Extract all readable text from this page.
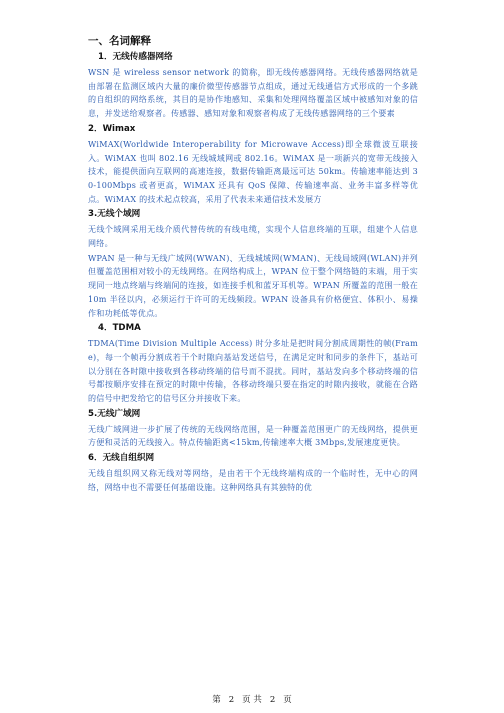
一、名词解释
1．无线传感器网络
WSN 是 wireless sensor network 的简称，即无线传感器网络。无线传感器网络就是由部署在监测区域内大量的廉价微型传感器节点组成，通过无线通信方式形成的一个多跳的自组织的网络系统，其目的是协作地感知、采集和处理网络覆盖区域中被感知对象的信息，并发送给观察者。传感器、感知对象和观察者构成了无线传感器网络的三个要素
2．Wimax
WiMAX(Worldwide Interoperability for Microwave Access)即全球微波互联接入。WiMAX 也叫 802.16 无线城域网或 802.16。WiMAX 是一项新兴的宽带无线接入技术，能提供面向互联网的高速连接，数据传输距离最远可达 50km。传输速率能达到 30-100Mbps 或者更高，WiMAX 还具有 QoS 保障、传输速率高、业务丰富多样等优点。WiMAX 的技术起点较高，采用了代表未来通信技术发展方
3.无线个域网
无线个域网采用无线介质代替传统的有线电缆，实现个人信息终端的互联，组建个人信息网络。
WPAN 是一种与无线广域网(WWAN)、无线城域网(WMAN)、无线局域网(WLAN)并列但覆盖范围相对较小的无线网络。在网络构成上，WPAN 位于整个网络链的末端，用于实现同一地点终端与终端间的连接，如连接手机和蓝牙耳机等。WPAN 所覆盖的范围一般在 10m 半径以内，必须运行于许可的无线频段。WPAN 设备具有价格便宜、体积小、易操作和功耗低等优点。
4．TDMA
TDMA(Time Division Multiple Access) 时分多址是把时间分割成周期性的帧(Frame)，每一个帧再分割成若干个时隙向基站发送信号，在满足定时和同步的条件下，基站可以分别在各时隙中接收到各移动终端的信号而不混扰。同时，基站发向多个移动终端的信号都按顺序安排在预定的时隙中传输，各移动终端只要在指定的时隙内接收，就能在合路的信号中把发给它的信号区分并接收下来。
5.无线广域网
无线广域网进一步扩展了传统的无线网络范围，是一种覆盖范围更广的无线网络，提供更方便和灵活的无线接入。特点传输距离<15km,传输速率大概 3Mbps,发展速度更快。
6．无线自组织网
无线自组织网又称无线对等网络，是由若干个无线终端构成的一个临时性，无中心的网络，网络中也不需要任何基础设施。这种网络具有其独特的优
第 2 页 共 2 页
